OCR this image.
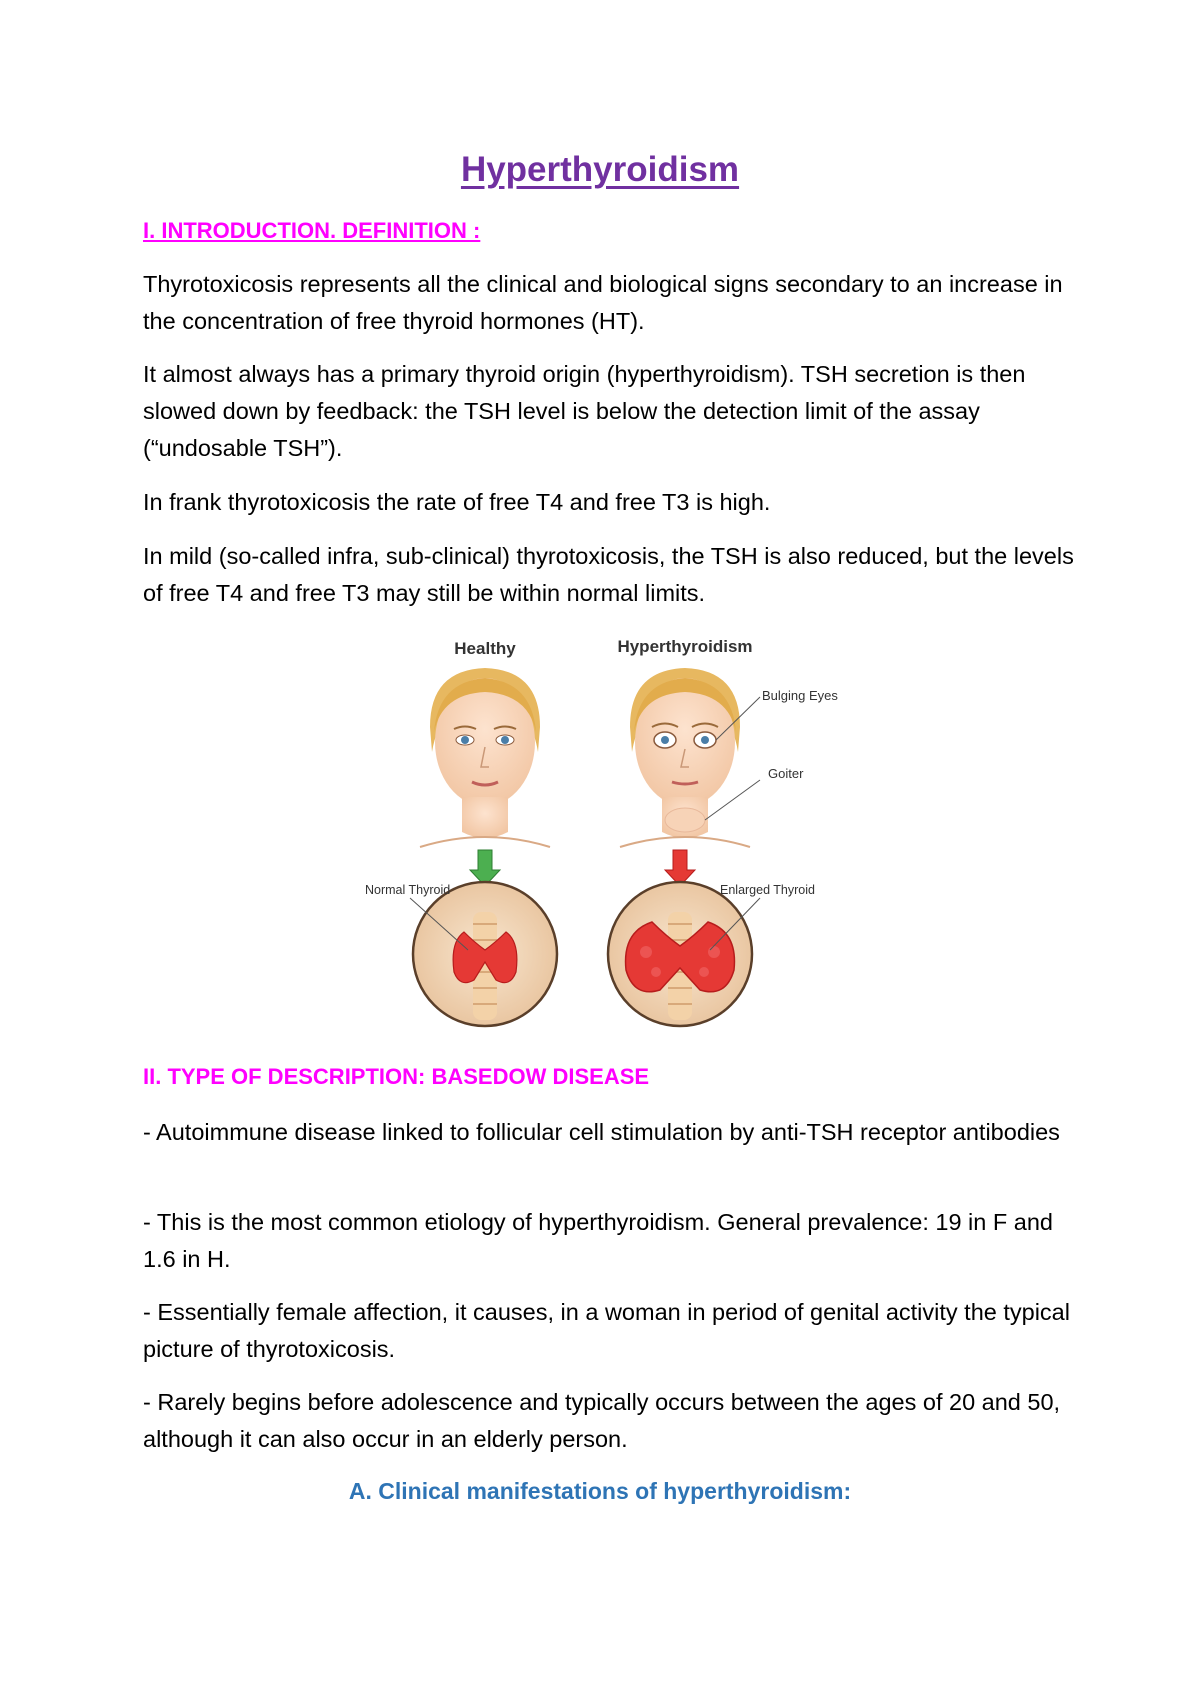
Hyperthyroidism
I. INTRODUCTION. DEFINITION :
Thyrotoxicosis represents all the clinical and biological signs secondary to an increase in the concentration of free thyroid hormones (HT).
It almost always has a primary thyroid origin (hyperthyroidism). TSH secretion is then slowed down by feedback: the TSH level is below the detection limit of the assay (“undosable TSH”).
In frank thyrotoxicosis the rate of free T4 and free T3 is high.
In mild (so-called infra, sub-clinical) thyrotoxicosis, the TSH is also reduced, but the levels of free T4 and free T3 may still be within normal limits.
Healthy	Hyperthyroidism
Bulging Eyes
Goiter
Normal Thyroid	Enlarged Thyroid
II. TYPE OF DESCRIPTION: BASEDOW DISEASE
- Autoimmune disease linked to follicular cell stimulation by anti-TSH receptor antibodies
- This is the most common etiology of hyperthyroidism. General prevalence: 19 in F and 1.6 in H.
- Essentially female affection, it causes, in a woman in period of genital activity the typical picture of thyrotoxicosis.
- Rarely begins before adolescence and typically occurs between the ages of 20 and 50, although it can also occur in an elderly person.
A. Clinical manifestations of hyperthyroidism:
